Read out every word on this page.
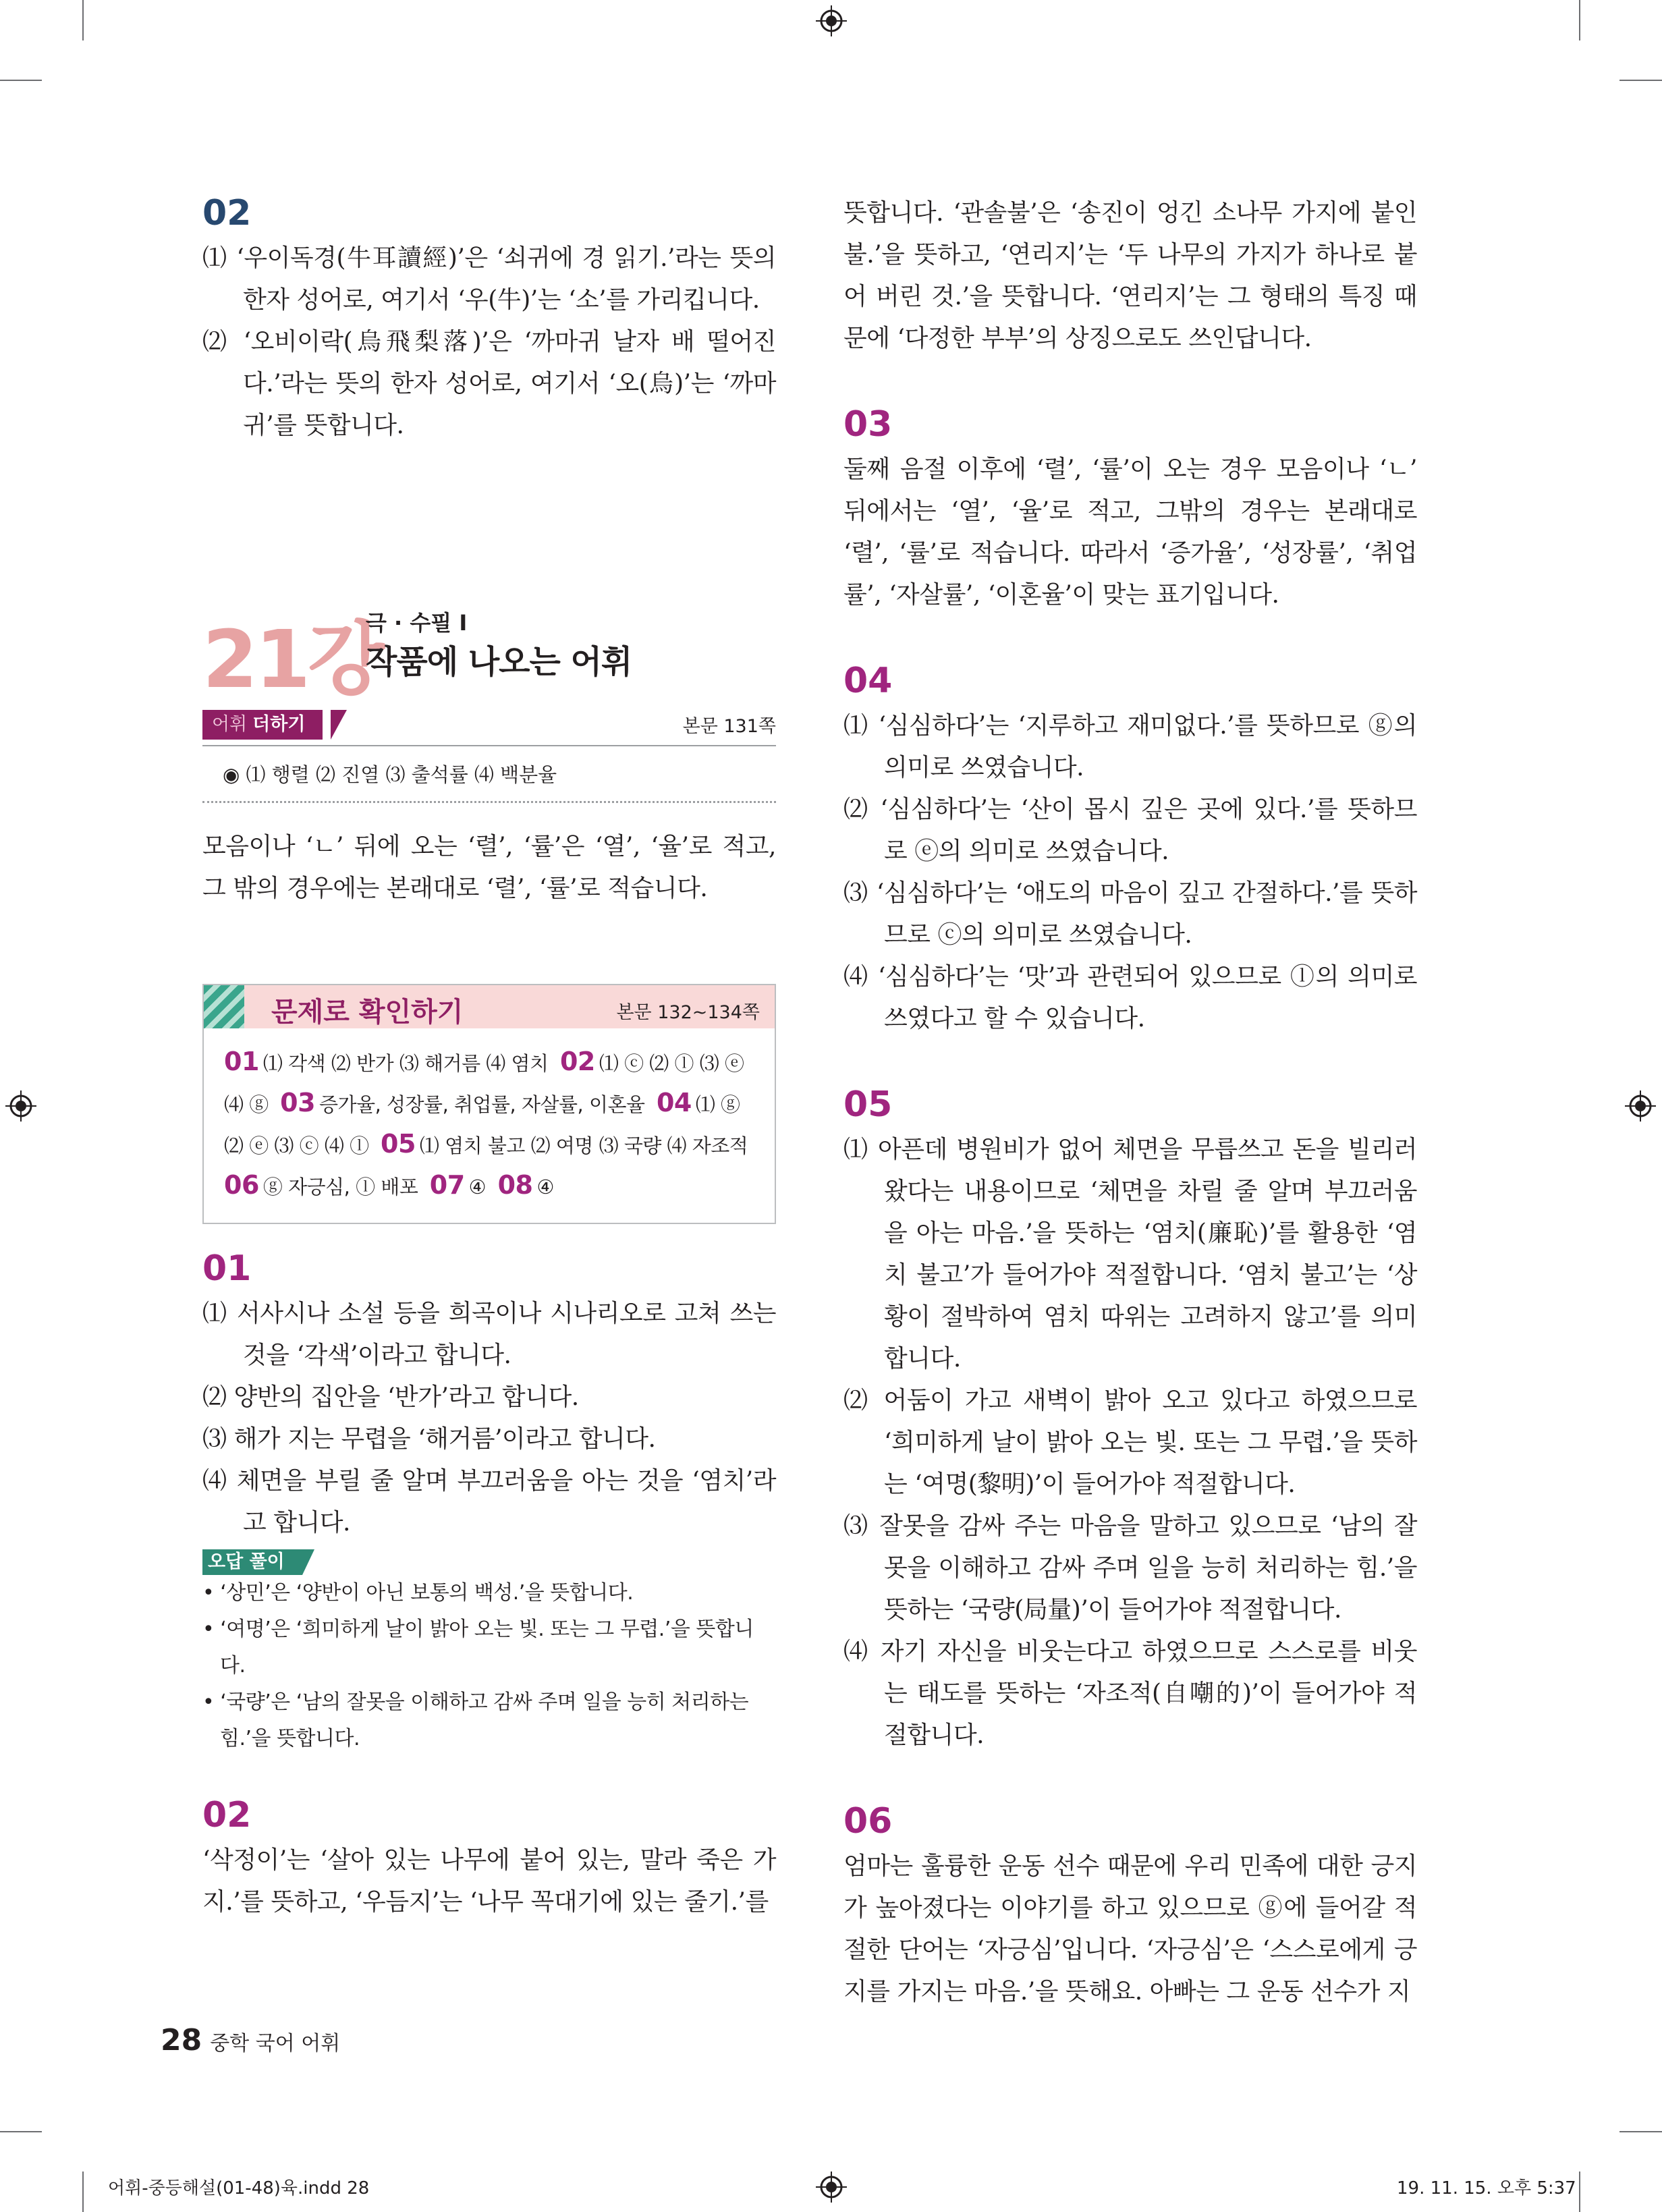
02

⑴ ‘우이독경(牛耳讀經)’은 ‘쇠귀에 경 읽기.’라는 뜻의 한자 성어로, 여기서 ‘우(牛)’는 ‘소’를 가리킵니다.

⑵ ‘오비이락(烏飛梨落)’은 ‘까마귀 날자 배 떨어진다.’라는 뜻의 한자 성어로, 여기서 ‘오(烏)’는 ‘까마귀’를 뜻합니다.

21강
극 · 수필 Ⅰ
작품에 나오는 어휘
어휘 더하기	본문 131쪽
◉ ⑴ 행렬 ⑵ 진열 ⑶ 출석률 ⑷ 백분율

모음이나 ‘ㄴ’ 뒤에 오는 ‘렬’, ‘률’은 ‘열’, ‘율’로 적고, 그 밖의 경우에는 본래대로 ‘렬’, ‘률’로 적습니다.

문제로 확인하기	본문 132~134쪽
01 ⑴ 각색 ⑵ 반가 ⑶ 해거름 ⑷ 염치 02 ⑴ ⓒ ⑵ ⓛ ⑶ ⓔ ⑷ ⓖ 03 증가율, 성장률, 취업률, 자살률, 이혼율 04 ⑴ ⓖ ⑵ ⓔ ⑶ ⓒ ⑷ ⓛ 05 ⑴ 염치 불고 ⑵ 여명 ⑶ 국량 ⑷ 자조적  06 ⓖ 자긍심, ⓛ 배포 07 ④ 08 ④
01

⑴ 서사시나 소설 등을 희곡이나 시나리오로 고쳐 쓰는 것을 ‘각색’이라고 합니다.

⑵ 양반의 집안을 ‘반가’라고 합니다.

⑶ 해가 지는 무렵을 ‘해거름’이라고 합니다.

⑷ 체면을 부릴 줄 알며 부끄러움을 아는 것을 ‘염치’라고 합니다.

오답 풀이

• ‘상민’은 ‘양반이 아닌 보통의 백성.’을 뜻합니다.

• ‘여명’은 ‘희미하게 날이 밝아 오는 빛. 또는 그 무렵.’을 뜻합니다.

• ‘국량’은 ‘남의 잘못을 이해하고 감싸 주며 일을 능히 처리하는 힘.’을 뜻합니다.

02

‘삭정이’는 ‘살아 있는 나무에 붙어 있는, 말라 죽은 가지.’를 뜻하고, ‘우듬지’는 ‘나무 꼭대기에 있는 줄기.’를

뜻합니다. ‘관솔불’은 ‘송진이 엉긴 소나무 가지에 붙인 불.’을 뜻하고, ‘연리지’는 ‘두 나무의 가지가 하나로 붙어 버린 것.’을 뜻합니다. ‘연리지’는 그 형태의 특징 때문에 ‘다정한 부부’의 상징으로도 쓰인답니다.

03

둘째 음절 이후에 ‘렬’, ‘률’이 오는 경우 모음이나 ‘ㄴ’ 뒤에서는 ‘열’, ‘율’로 적고, 그밖의 경우는 본래대로 ‘렬’, ‘률’로 적습니다. 따라서 ‘증가율’, ‘성장률’, ‘취업률’, ‘자살률’, ‘이혼율’이 맞는 표기입니다.

04

⑴ ‘심심하다’는 ‘지루하고 재미없다.’를 뜻하므로 ⓖ의 의미로 쓰였습니다.

⑵ ‘심심하다’는 ‘산이 몹시 깊은 곳에 있다.’를 뜻하므로 ⓔ의 의미로 쓰였습니다.

⑶ ‘심심하다’는 ‘애도의 마음이 깊고 간절하다.’를 뜻하므로 ⓒ의 의미로 쓰였습니다.

⑷ ‘심심하다’는 ‘맛’과 관련되어 있으므로 ⓛ의 의미로 쓰였다고 할 수 있습니다.

05

⑴ 아픈데 병원비가 없어 체면을 무릅쓰고 돈을 빌리러 왔다는 내용이므로 ‘체면을 차릴 줄 알며 부끄러움을 아는 마음.’을 뜻하는 ‘염치(廉恥)’를 활용한 ‘염치 불고’가 들어가야 적절합니다. ‘염치 불고’는 ‘상황이 절박하여 염치 따위는 고려하지 않고’를 의미합니다.

⑵ 어둠이 가고 새벽이 밝아 오고 있다고 하였으므로 ‘희미하게 날이 밝아 오는 빛. 또는 그 무렵.’을 뜻하는 ‘여명(黎明)’이 들어가야 적절합니다.

⑶ 잘못을 감싸 주는 마음을 말하고 있으므로 ‘남의 잘못을 이해하고 감싸 주며 일을 능히 처리하는 힘.’을 뜻하는 ‘국량(局量)’이 들어가야 적절합니다.

⑷ 자기 자신을 비웃는다고 하였으므로 스스로를 비웃는 태도를 뜻하는 ‘자조적(自嘲的)’이 들어가야 적절합니다.

06

엄마는 훌륭한 운동 선수 때문에 우리 민족에 대한 긍지가 높아졌다는 이야기를 하고 있으므로 ⓖ에 들어갈 적절한 단어는 ‘자긍심’입니다. ‘자긍심’은 ‘스스로에게 긍지를 가지는 마음.’을 뜻해요. 아빠는 그 운동 선수가 지

28 중학 국어 어휘
어휘-중등해설(01-48)육.indd 28	19. 11. 15. 오후 5:37
